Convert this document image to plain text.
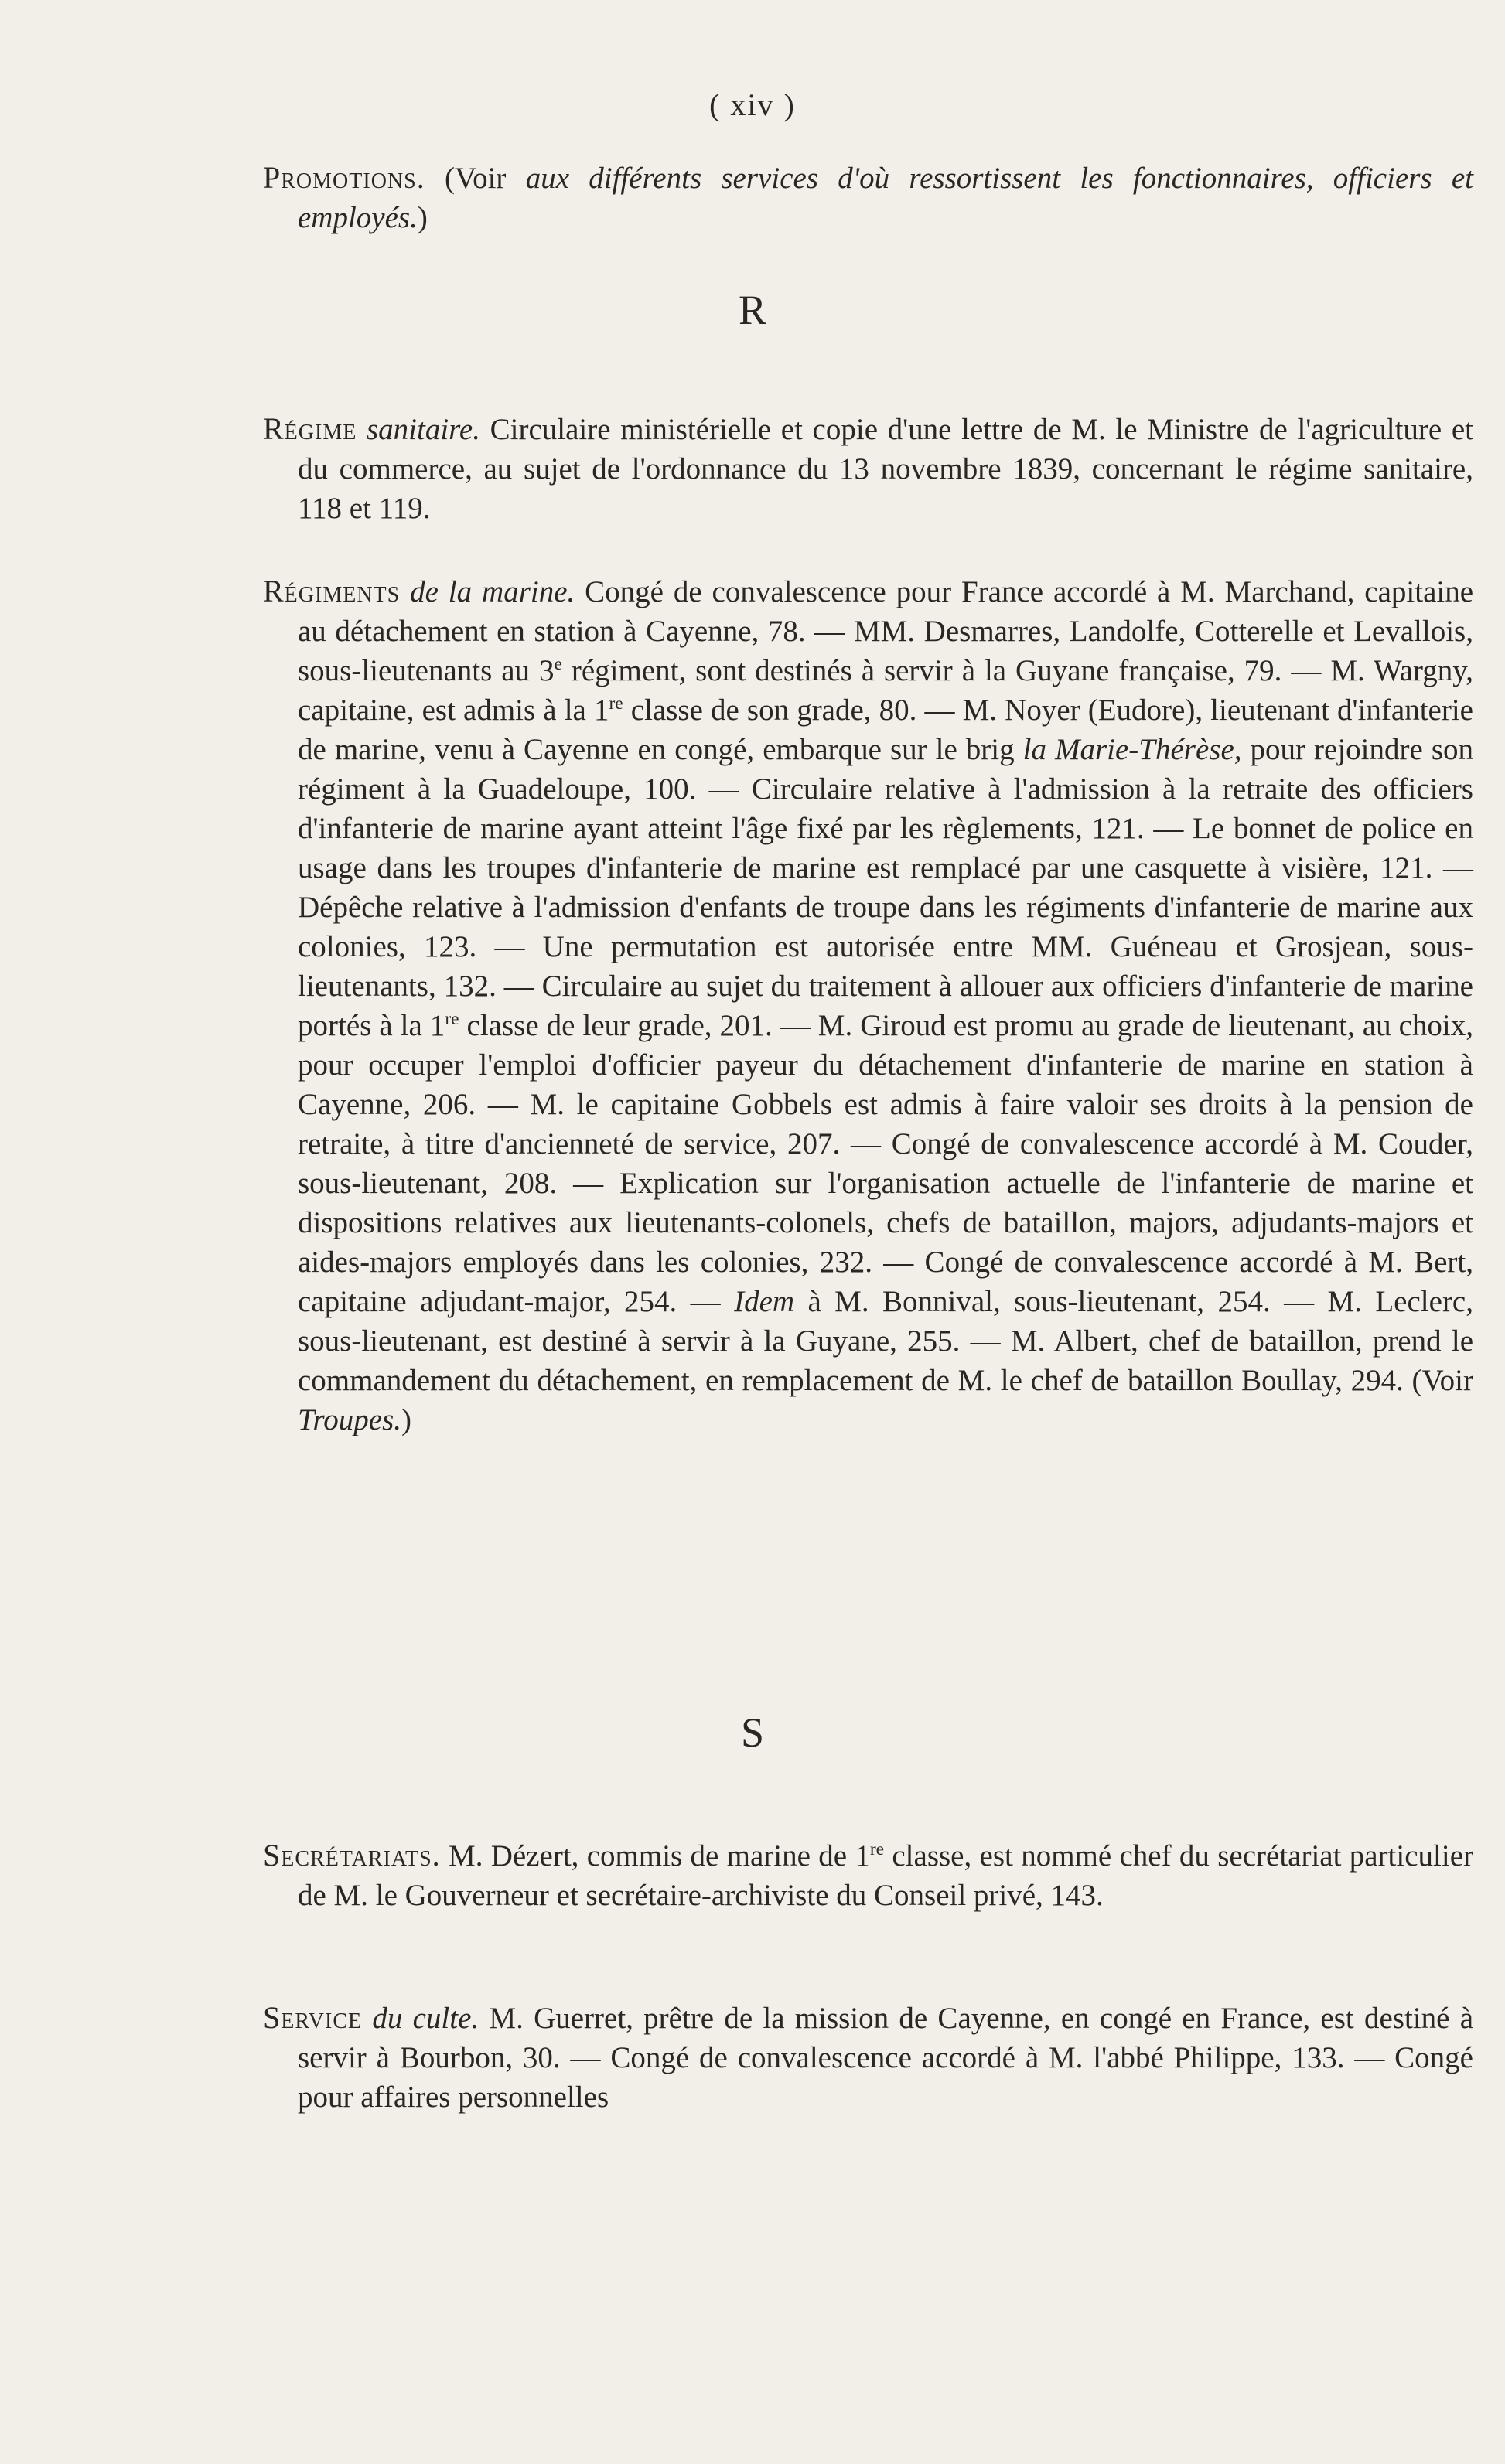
( xiv )

Promotions. (Voir aux différents services d'où ressortissent les fonctionnaires, officiers et employés.)

R

Régime sanitaire. Circulaire ministérielle et copie d'une lettre de M. le Ministre de l'agriculture et du commerce, au sujet de l'ordonnance du 13 novembre 1839, concernant le régime sanitaire, 118 et 119.

Régiments de la marine. Congé de convalescence pour France accordé à M. Marchand, capitaine au détachement en station à Cayenne, 78. — MM. Desmarres, Landolfe, Cotterelle et Levallois, sous-lieutenants au 3e régiment, sont destinés à servir à la Guyane française, 79. — M. Wargny, capitaine, est admis à la 1re classe de son grade, 80. — M. Noyer (Eudore), lieutenant d'infanterie de marine, venu à Cayenne en congé, embarque sur le brig la Marie-Thérèse, pour rejoindre son régiment à la Guadeloupe, 100. — Circulaire relative à l'admission à la retraite des officiers d'infanterie de marine ayant atteint l'âge fixé par les règlements, 121. — Le bonnet de police en usage dans les troupes d'infanterie de marine est remplacé par une casquette à visière, 121. — Dépêche relative à l'admission d'enfants de troupe dans les régiments d'infanterie de marine aux colonies, 123. — Une permutation est autorisée entre MM. Guéneau et Grosjean, sous-lieutenants, 132. — Circulaire au sujet du traitement à allouer aux officiers d'infanterie de marine portés à la 1re classe de leur grade, 201. — M. Giroud est promu au grade de lieutenant, au choix, pour occuper l'emploi d'officier payeur du détachement d'infanterie de marine en station à Cayenne, 206. — M. le capitaine Gobbels est admis à faire valoir ses droits à la pension de retraite, à titre d'ancienneté de service, 207. — Congé de convalescence accordé à M. Couder, sous-lieutenant, 208. — Explication sur l'organisation actuelle de l'infanterie de marine et dispositions relatives aux lieutenants-colonels, chefs de bataillon, majors, adjudants-majors et aides-majors employés dans les colonies, 232. — Congé de convalescence accordé à M. Bert, capitaine adjudant-major, 254. — Idem à M. Bonnival, sous-lieutenant, 254. — M. Leclerc, sous-lieutenant, est destiné à servir à la Guyane, 255. — M. Albert, chef de bataillon, prend le commandement du détachement, en remplacement de M. le chef de bataillon Boullay, 294. (Voir Troupes.)

S

Secrétariats. M. Dézert, commis de marine de 1re classe, est nommé chef du secrétariat particulier de M. le Gouverneur et secrétaire-archiviste du Conseil privé, 143.

Service du culte. M. Guerret, prêtre de la mission de Cayenne, en congé en France, est destiné à servir à Bourbon, 30. — Congé de convalescence accordé à M. l'abbé Philippe, 133. — Congé pour affaires personnelles
